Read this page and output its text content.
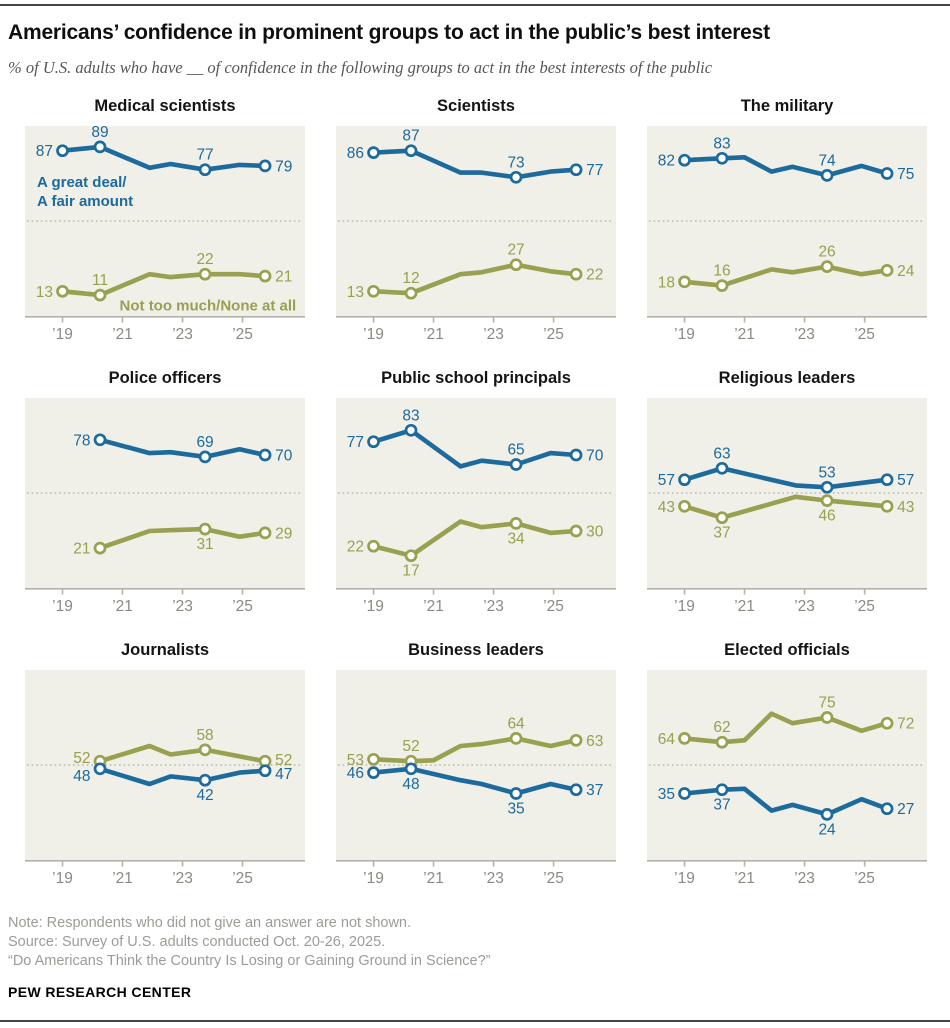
Americans’ confidence in prominent groups to act in the public’s best interest

% of U.S. adults who have __ of confidence in the following groups to act in the best interests of the public

Medical scientists
’19	’21	’23	’25
87
89
77
79
13
11
22
21
A great deal/
A fair amount
Not too much/None at all
Scientists
’19	’21	’23	’25
86
87
73	77
13
12
27
22
The military
’19	’21	’23	’25
82
83
74
75
18
16
26
24
Police officers
’19	’21	’23	’25
78	69
70
21	31
29
Public school principals
’19	’21	’23	’25
77
83
65	70
22
17
34	30
Religious leaders
’19	’21	’23	’25
57
63
53	57
43
37
46
43
Journalists
’19	’21	’23	’25
52
58
52
48
42
47
Business leaders
’19	’21	’23	’25
53
52
64
63
46
48
35
37
Elected officials
’19	’21	’23	’25
64
62
75
72
35
37
24
27

Note: Respondents who did not give an answer are not shown.

Source: Survey of U.S. adults conducted Oct. 20-26, 2025.

“Do Americans Think the Country Is Losing or Gaining Ground in Science?”

PEW RESEARCH CENTER
